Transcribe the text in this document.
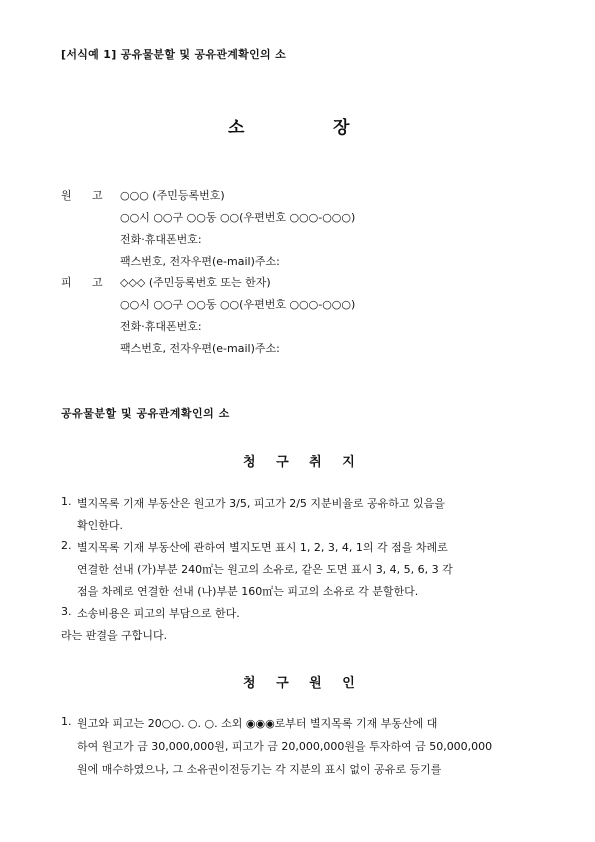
[서식예 1] 공유물분할 및 공유관계확인의 소
소	장
원 고 ○○○ (주민등록번호)
○○시 ○○구 ○○동 ○○(우편번호 ○○○-○○○)
전화·휴대폰번호:
팩스번호, 전자우편(e-mail)주소:
피 고 ◇◇◇ (주민등록번호 또는 한자)
○○시 ○○구 ○○동 ○○(우편번호 ○○○-○○○)
전화·휴대폰번호:
팩스번호, 전자우편(e-mail)주소:
공유물분할 및 공유관계확인의 소
청 구 취 지
1. 별지목록 기재 부동산은 원고가 3/5, 피고가 2/5 지분비율로 공유하고 있음을
확인한다.
2. 별지목록 기재 부동산에 관하여 별지도면 표시 1, 2, 3, 4, 1의 각 점을 차례로
연결한 선내 (가)부분 240㎡는 원고의 소유로, 같은 도면 표시 3, 4, 5, 6, 3 각
점을 차례로 연결한 선내 (나)부분 160㎡는 피고의 소유로 각 분할한다.
3. 소송비용은 피고의 부담으로 한다.
라는 판결을 구합니다.
청 구 원 인
1. 원고와 피고는 20○○. ○. ○. 소외 ◉◉◉로부터 별지목록 기재 부동산에 대
하여 원고가 금 30,000,000원, 피고가 금 20,000,000원을 투자하여 금 50,000,000
원에 매수하였으나, 그 소유권이전등기는 각 지분의 표시 없이 공유로 등기를
